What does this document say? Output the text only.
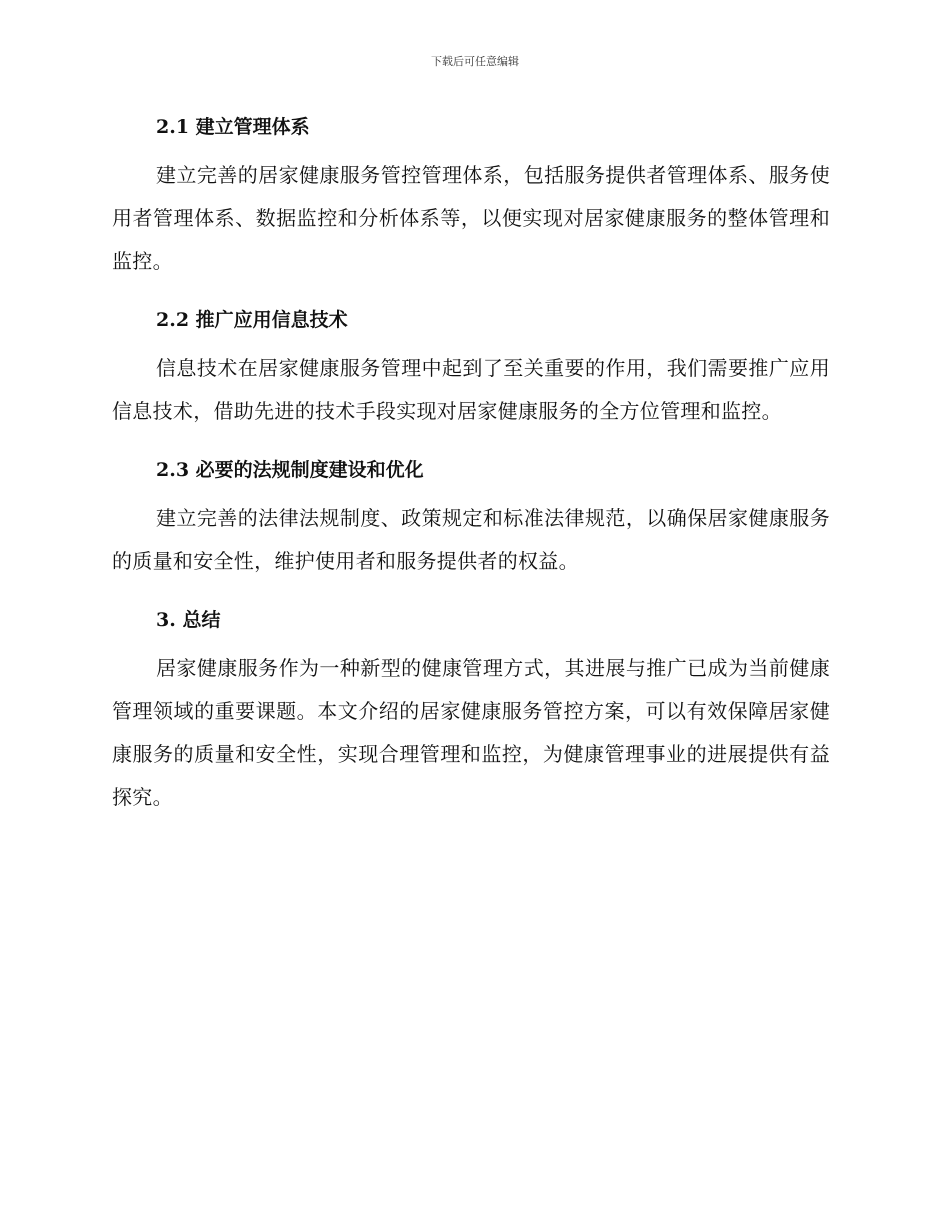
下载后可任意编辑
2.1 建立管理体系

建立完善的居家健康服务管控管理体系，包括服务提供者管理体系、服务使用者管理体系、数据监控和分析体系等，以便实现对居家健康服务的整体管理和监控。

2.2 推广应用信息技术

信息技术在居家健康服务管理中起到了至关重要的作用，我们需要推广应用信息技术，借助先进的技术手段实现对居家健康服务的全方位管理和监控。

2.3 必要的法规制度建设和优化

建立完善的法律法规制度、政策规定和标准法律规范，以确保居家健康服务的质量和安全性，维护使用者和服务提供者的权益。

3. 总结

居家健康服务作为一种新型的健康管理方式，其进展与推广已成为当前健康管理领域的重要课题。本文介绍的居家健康服务管控方案，可以有效保障居家健康服务的质量和安全性，实现合理管理和监控，为健康管理事业的进展提供有益探究。
